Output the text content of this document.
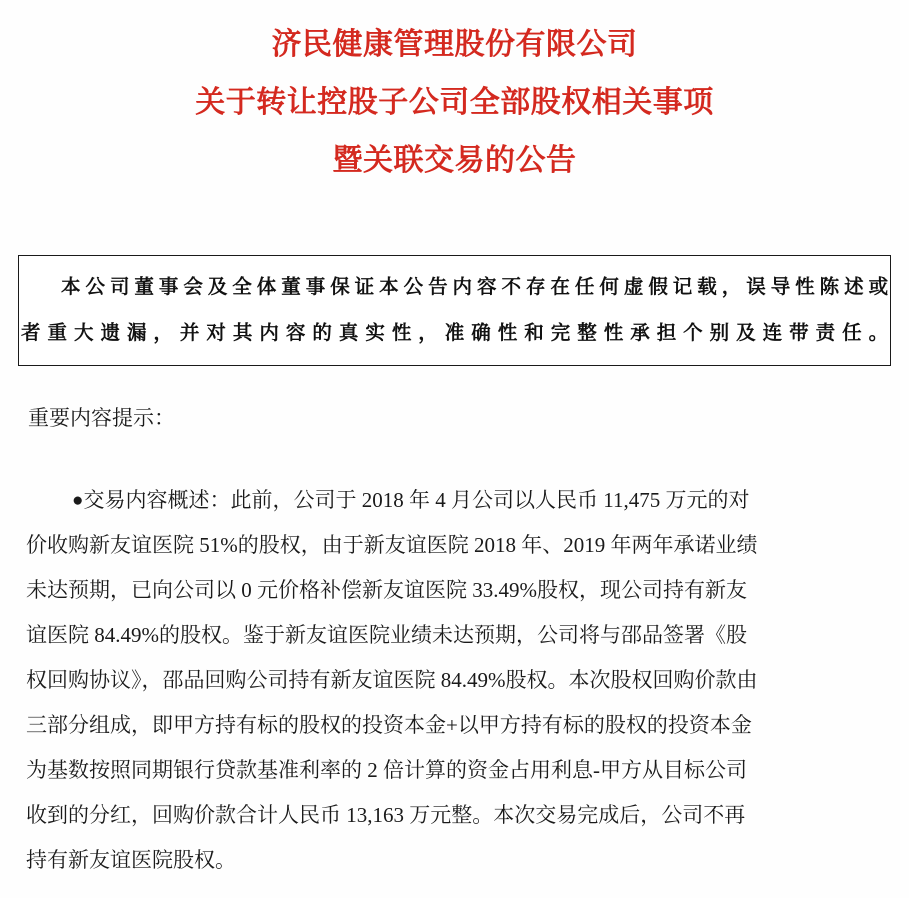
济民健康管理股份有限公司
关于转让控股子公司全部股权相关事项
暨关联交易的公告

本公司董事会及全体董事保证本公告内容不存在任何虚假记载，误导性陈述或

者重大遗漏，并对其内容的真实性，准确性和完整性承担个别及连带责任。

重要内容提示：
●交易内容概述：此前，公司于 2018 年 4 月公司以人民币 11,475 万元的对
价收购新友谊医院 51%的股权，由于新友谊医院 2018 年、2019 年两年承诺业绩
未达预期，已向公司以 0 元价格补偿新友谊医院 33.49%股权，现公司持有新友
谊医院 84.49%的股权。鉴于新友谊医院业绩未达预期，公司将与邵品签署《股
权回购协议》，邵品回购公司持有新友谊医院 84.49%股权。本次股权回购价款由
三部分组成，即甲方持有标的股权的投资本金+以甲方持有标的股权的投资本金
为基数按照同期银行贷款基准利率的 2 倍计算的资金占用利息-甲方从目标公司
收到的分红，回购价款合计人民币 13,163 万元整。本次交易完成后，公司不再
持有新友谊医院股权。
